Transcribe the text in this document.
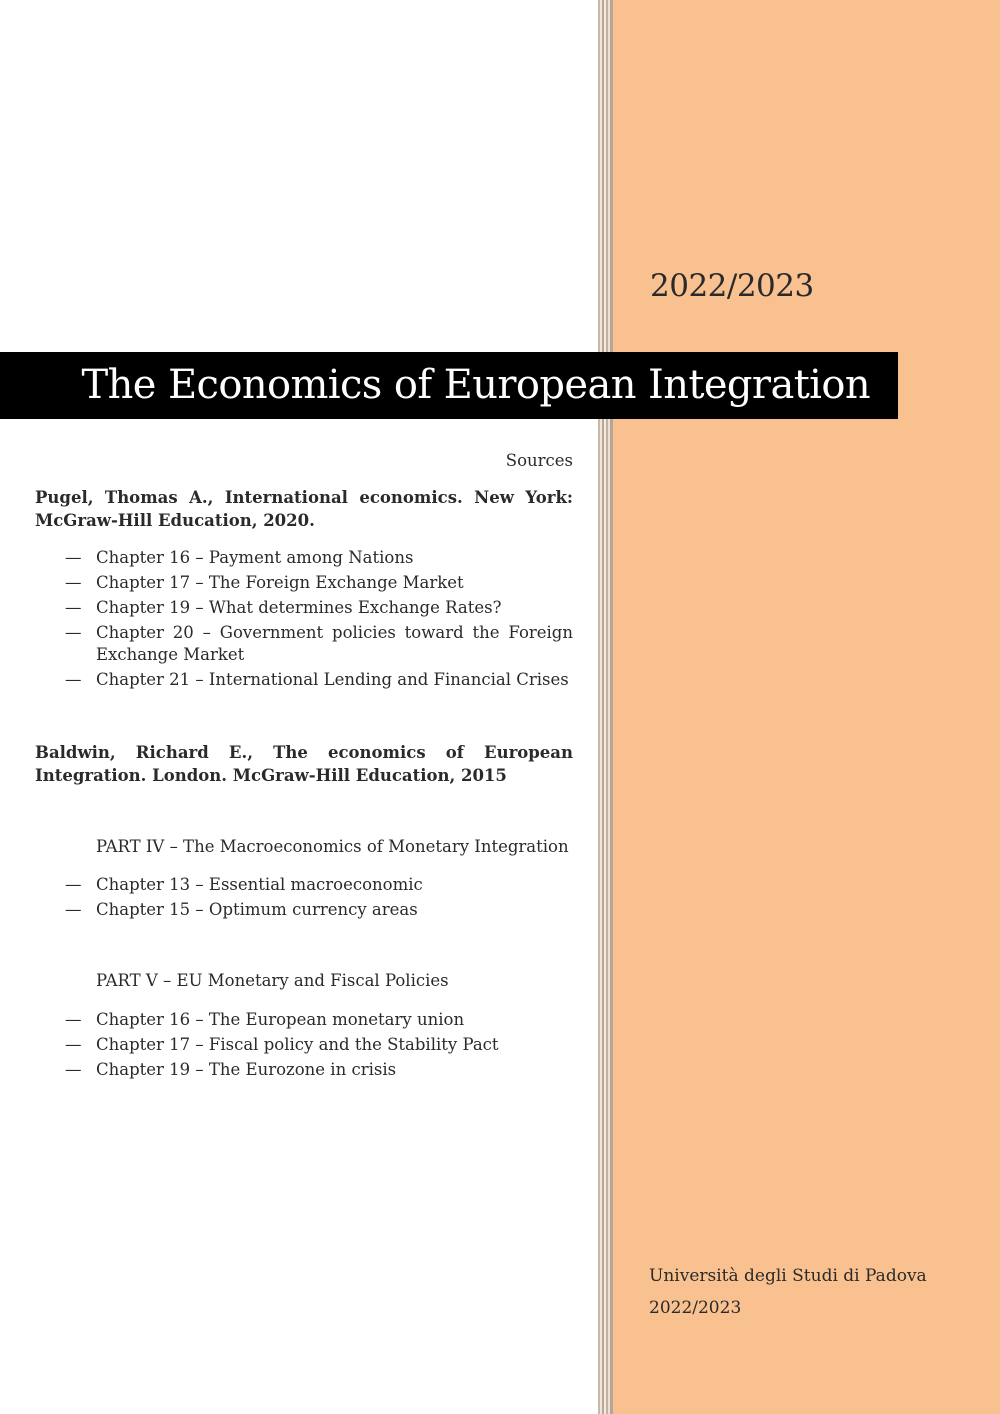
2022/2023
The Economics of European Integration

Sources

Pugel, Thomas A., International economics. New York: McGraw-Hill Education, 2020.

— Chapter 16 – Payment among Nations
— Chapter 17 – The Foreign Exchange Market
— Chapter 19 – What determines Exchange Rates?
— Chapter 20 – Government policies toward the Foreign Exchange Market
— Chapter 21 – International Lending and Financial Crises

Baldwin, Richard E., The economics of European Integration. London. McGraw-Hill Education, 2015

PART IV – The Macroeconomics of Monetary Integration

— Chapter 13 – Essential macroeconomic
— Chapter 15 – Optimum currency areas

PART V – EU Monetary and Fiscal Policies

— Chapter 16 – The European monetary union
— Chapter 17 – Fiscal policy and the Stability Pact
— Chapter 19 – The Eurozone in crisis
Università degli Studi di Padova
2022/2023
